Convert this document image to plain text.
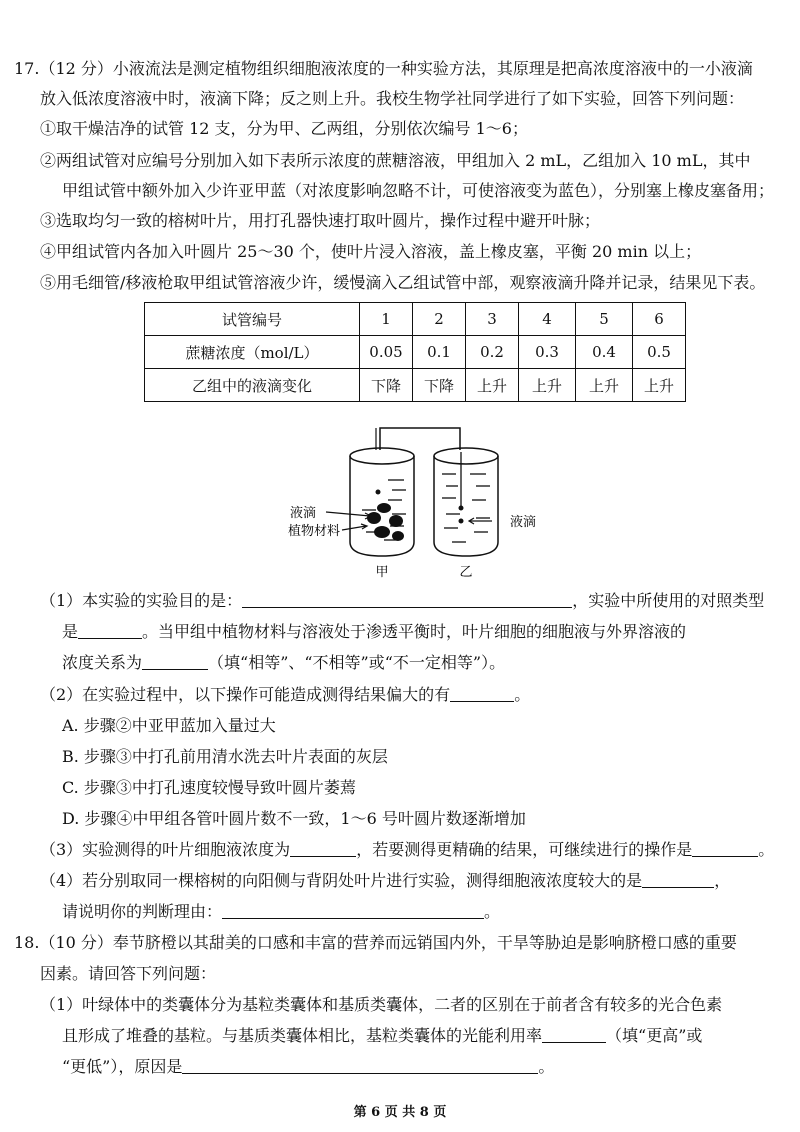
17.（12 分）小液流法是测定植物组织细胞液浓度的一种实验方法，其原理是把高浓度溶液中的一小液滴
放入低浓度溶液中时，液滴下降；反之则上升。我校生物学社同学进行了如下实验，回答下列问题：
①取干燥洁净的试管 12 支，分为甲、乙两组，分别依次编号 1～6；
②两组试管对应编号分别加入如下表所示浓度的蔗糖溶液，甲组加入 2 mL，乙组加入 10 mL，其中
甲组试管中额外加入少许亚甲蓝（对浓度影响忽略不计，可使溶液变为蓝色），分别塞上橡皮塞备用；
③选取均匀一致的榕树叶片，用打孔器快速打取叶圆片，操作过程中避开叶脉；
④甲组试管内各加入叶圆片 25～30 个，使叶片浸入溶液，盖上橡皮塞，平衡 20 min 以上；
⑤用毛细管/移液枪取甲组试管溶液少许，缓慢滴入乙组试管中部，观察液滴升降并记录，结果见下表。
试管编号	1	2	3	4	5	6
蔗糖浓度（mol/L）	0.05	0.1	0.2	0.3	0.4	0.5
乙组中的液滴变化	下降	下降	上升	上升	上升	上升
液滴
植物材料
液滴
甲	乙
（1）本实验的实验目的是：	，实验中所使用的对照类型
是	。当甲组中植物材料与溶液处于渗透平衡时，叶片细胞的细胞液与外界溶液的
浓度关系为	（填“相等”、“不相等”或“不一定相等”）。
（2）在实验过程中，以下操作可能造成测得结果偏大的有	。
A. 步骤②中亚甲蓝加入量过大
B. 步骤③中打孔前用清水洗去叶片表面的灰层
C. 步骤③中打孔速度较慢导致叶圆片萎蔫
D. 步骤④中甲组各管叶圆片数不一致，1～6 号叶圆片数逐渐增加
（3）实验测得的叶片细胞液浓度为	，若要测得更精确的结果，可继续进行的操作是	。
（4）若分别取同一棵榕树的向阳侧与背阴处叶片进行实验，测得细胞液浓度较大的是	，
请说明你的判断理由：	。
18.（10 分）奉节脐橙以其甜美的口感和丰富的营养而远销国内外，干旱等胁迫是影响脐橙口感的重要
因素。请回答下列问题：
（1）叶绿体中的类囊体分为基粒类囊体和基质类囊体，二者的区别在于前者含有较多的光合色素
且形成了堆叠的基粒。与基质类囊体相比，基粒类囊体的光能利用率	（填“更高”或
“更低”），原因是	。
第 6 页 共 8 页
